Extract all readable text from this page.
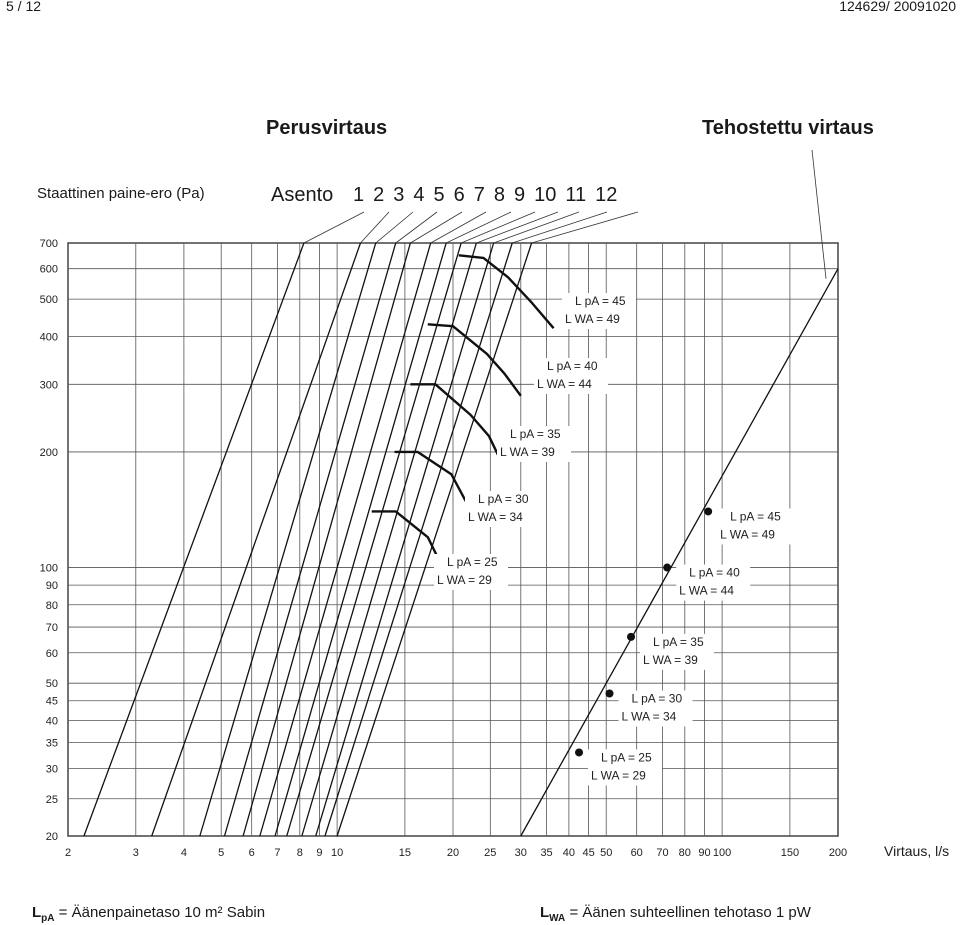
5 / 12	124629/ 20091020
Perusvirtaus	Tehostettu virtaus
Staattinen paine-ero (Pa)	Asento 1 2 3 4 5 6 7 8 9 10 11 12
20
25
30
35
40
45
50
60
70
80
90
100
200
300
400
500
600
700
2	3	4	5 6 7 8 9 10	15	20 25 30 35 40 45 50 60 70 80 90 100	150	200
L pA = 25
L WA = 29
L pA = 30
L WA = 34
L pA = 35
L WA = 39
L pA = 40
L WA = 44
L pA = 45
L WA = 49
L pA = 25
L WA = 29
L pA = 30
L WA = 34
L pA = 35
L WA = 39
L pA = 40
L WA = 44
L pA = 45
L WA = 49
Virtaus, l/s
$L_{pA}$ = Äänenpainetaso 10 m² Sabin	$L_{WA}$ = Äänen suhteellinen tehotaso 1 pW
